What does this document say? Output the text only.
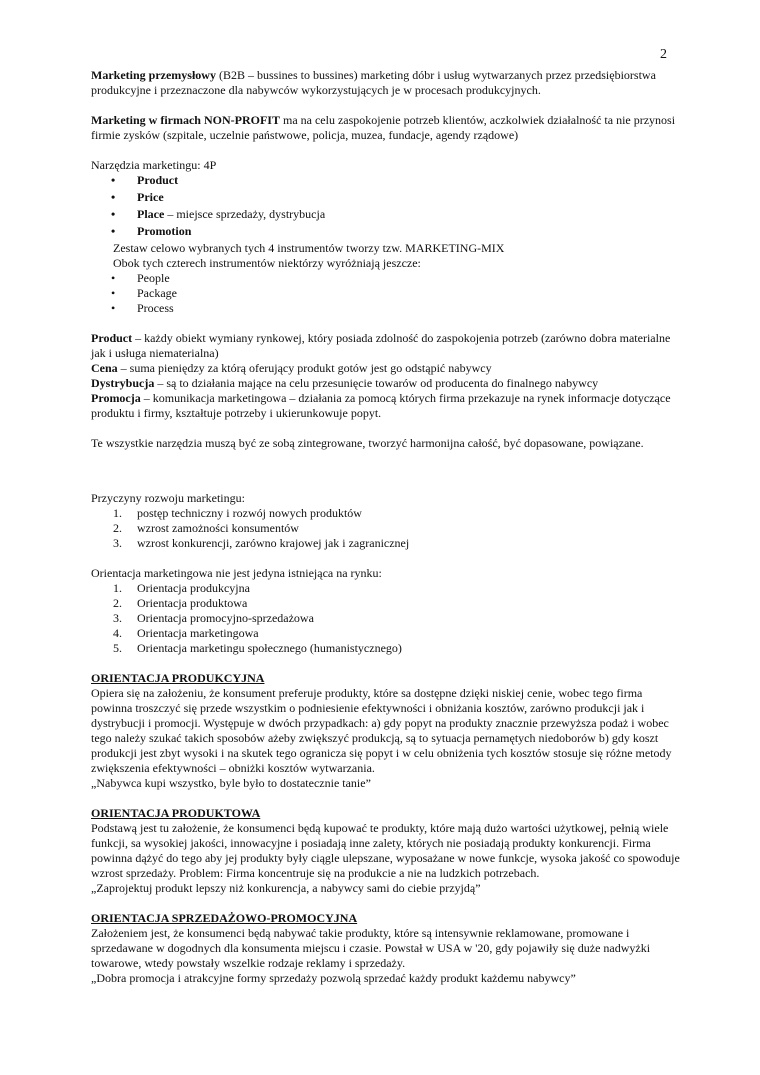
2

Marketing przemysłowy (B2B – bussines to bussines) marketing dóbr i usług wytwarzanych przez przedsiębiorstwa produkcyjne i przeznaczone dla nabywców wykorzystujących je w procesach produkcyjnych.

Marketing w firmach NON-PROFIT ma na celu zaspokojenie potrzeb klientów, aczkolwiek działalność ta nie przynosi firmie zysków (szpitale, uczelnie państwowe, policja, muzea, fundacje, agendy rządowe)

Narzędzia marketingu: 4P

• Product
• Price
• Place – miejsce sprzedaży, dystrybucja
• Promotion

Zestaw celowo wybranych tych 4 instrumentów tworzy tzw. MARKETING-MIX

Obok tych czterech instrumentów niektórzy wyróżniają jeszcze:

• People
• Package
• Process

Product – każdy obiekt wymiany rynkowej, który posiada zdolność do zaspokojenia potrzeb (zarówno dobra materialne jak i usługa niematerialna)

Cena – suma pieniędzy za którą oferujący produkt gotów jest go odstąpić nabywcy

Dystrybucja – są to działania mające na celu przesunięcie towarów od producenta do finalnego nabywcy

Promocja – komunikacja marketingowa – działania za pomocą których firma przekazuje na rynek informacje dotyczące produktu i firmy, kształtuje potrzeby i ukierunkowuje popyt.

Te wszystkie narzędzia muszą być ze sobą zintegrowane, tworzyć harmonijna całość, być dopasowane, powiązane.

Przyczyny rozwoju marketingu:

1. postęp techniczny i rozwój nowych produktów
2. wzrost zamożności konsumentów
3. wzrost konkurencji, zarówno krajowej jak i zagranicznej

Orientacja marketingowa nie jest jedyna istniejąca na rynku:

1. Orientacja produkcyjna
2. Orientacja produktowa
3. Orientacja promocyjno-sprzedażowa
4. Orientacja marketingowa
5. Orientacja marketingu społecznego (humanistycznego)

ORIENTACJA PRODUKCYJNA

Opiera się na założeniu, że konsument preferuje produkty, które sa dostępne dzięki niskiej cenie, wobec tego firma powinna troszczyć się przede wszystkim o podniesienie efektywności i obniżania kosztów, zarówno produkcji jak i dystrybucji i promocji. Występuje w dwóch przypadkach: a) gdy popyt na produkty znacznie przewyższa podaż i wobec tego należy szukać takich sposobów ażeby zwiększyć produkcją, są to sytuacja pernamętych niedoborów b) gdy koszt produkcji jest zbyt wysoki i na skutek tego ogranicza się popyt i w celu obniżenia tych kosztów stosuje się różne metody zwiększenia efektywności – obniżki kosztów wytwarzania.

„Nabywca kupi wszystko, byle było to dostatecznie tanie”

ORIENTACJA PRODUKTOWA

Podstawą jest tu założenie, że konsumenci będą kupować te produkty, które mają dużo wartości użytkowej, pełnią wiele funkcji, sa wysokiej jakości, innowacyjne i posiadają inne zalety, których nie posiadają produkty konkurencji. Firma powinna dążyć do tego aby jej produkty były ciągle ulepszane, wyposażane w nowe funkcje, wysoka jakość co spowoduje wzrost sprzedaży. Problem: Firma koncentruje się na produkcie a nie na ludzkich potrzebach.

„Zaprojektuj produkt lepszy niż konkurencja, a nabywcy sami do ciebie przyjdą”

ORIENTACJA SPRZEDAŻOWO-PROMOCYJNA

Założeniem jest, że konsumenci będą nabywać takie produkty, które są intensywnie reklamowane, promowane i sprzedawane w dogodnych dla konsumenta miejscu i czasie. Powstał w USA w '20, gdy pojawiły się duże nadwyżki towarowe, wtedy powstały wszelkie rodzaje reklamy i sprzedaży.

„Dobra promocja i atrakcyjne formy sprzedaży pozwolą sprzedać każdy produkt każdemu nabywcy”
